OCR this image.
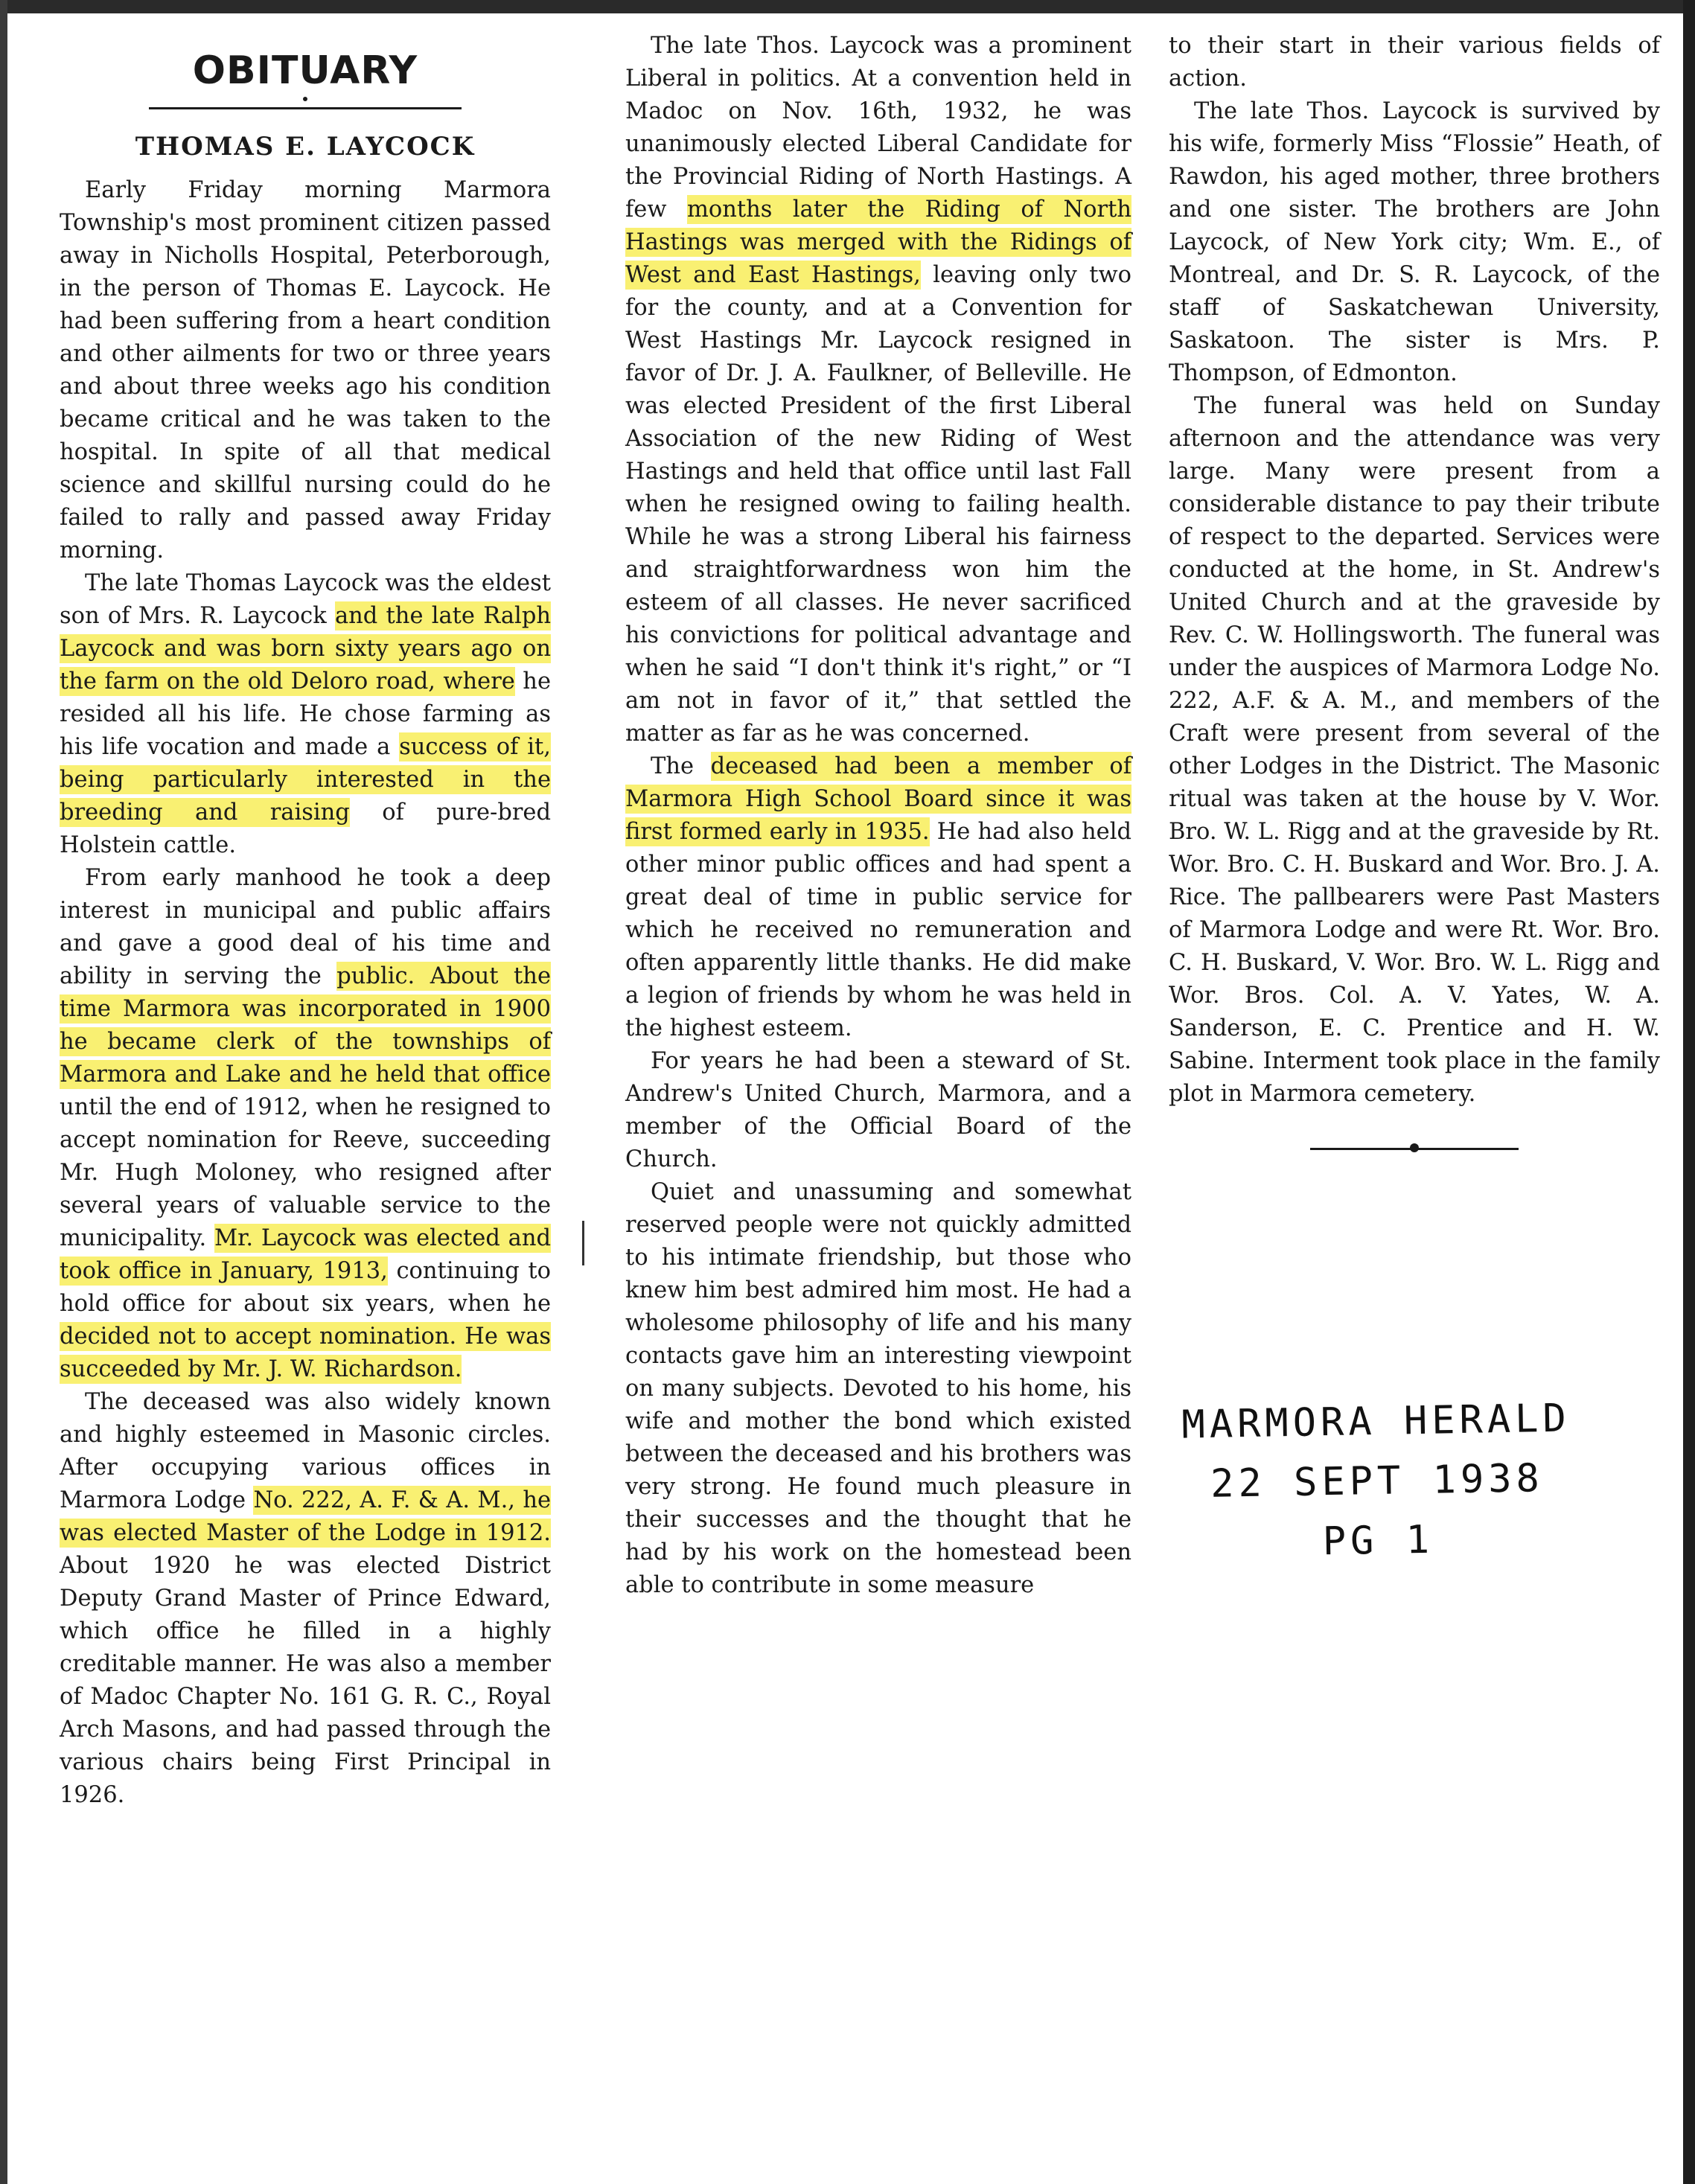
OBITUARY
THOMAS E. LAYCOCK

Early Friday morning Marmora Township's most prominent citizen passed away in Nicholls Hospital, Peterborough, in the person of Thomas E. Laycock. He had been suffering from a heart condition and other ailments for two or three years and about three weeks ago his condition became critical and he was taken to the hospital. In spite of all that medical science and skillful nursing could do he failed to rally and passed away Friday morning.

The late Thomas Laycock was the eldest son of Mrs. R. Laycock and the late Ralph Laycock and was born sixty years ago on the farm on the old Deloro road, where he resided all his life. He chose farming as his life vocation and made a success of it, being particularly interested in the breeding and raising of pure-bred Holstein cattle.

From early manhood he took a deep interest in municipal and public affairs and gave a good deal of his time and ability in serving the public. About the time Marmora was incorporated in 1900 he became clerk of the townships of Marmora and Lake and he held that office until the end of 1912, when he resigned to accept nomination for Reeve, succeeding Mr. Hugh Moloney, who resigned after several years of valuable service to the municipality. Mr. Laycock was elected and took office in January, 1913, continuing to hold office for about six years, when he decided not to accept nomination. He was succeeded by Mr. J. W. Richardson.

The deceased was also widely known and highly esteemed in Masonic circles. After occupying various offices in Marmora Lodge No. 222, A. F. & A. M., he was elected Master of the Lodge in 1912. About 1920 he was elected District Deputy Grand Master of Prince Edward, which office he filled in a highly creditable manner. He was also a member of Madoc Chapter No. 161 G. R. C., Royal Arch Masons, and had passed through the various chairs being First Principal in 1926.

The late Thos. Laycock was a prominent Liberal in politics. At a convention held in Madoc on Nov. 16th, 1932, he was unanimously elected Liberal Candidate for the Provincial Riding of North Hastings. A few months later the Riding of North Hastings was merged with the Ridings of West and East Hastings, leaving only two for the county, and at a Convention for West Hastings Mr. Laycock resigned in favor of Dr. J. A. Faulkner, of Belleville. He was elected President of the first Liberal Association of the new Riding of West Hastings and held that office until last Fall when he resigned owing to failing health. While he was a strong Liberal his fairness and straightforwardness won him the esteem of all classes. He never sacrificed his convictions for political advantage and when he said “I don't think it's right,” or “I am not in favor of it,” that settled the matter as far as he was concerned.

The deceased had been a member of Marmora High School Board since it was first formed early in 1935. He had also held other minor public offices and had spent a great deal of time in public service for which he received no remuneration and often apparently little thanks. He did make a legion of friends by whom he was held in the highest esteem.

For years he had been a steward of St. Andrew's United Church, Marmora, and a member of the Official Board of the Church.

Quiet and unassuming and somewhat reserved people were not quickly admitted to his intimate friendship, but those who knew him best admired him most. He had a wholesome philosophy of life and his many contacts gave him an interesting viewpoint on many subjects. Devoted to his home, his wife and mother the bond which existed between the deceased and his brothers was very strong. He found much pleasure in their successes and the thought that he had by his work on the homestead been able to contribute in some measure

to their start in their various fields of action.

The late Thos. Laycock is survived by his wife, formerly Miss “Flossie” Heath, of Rawdon, his aged mother, three brothers and one sister. The brothers are John Laycock, of New York city; Wm. E., of Montreal, and Dr. S. R. Laycock, of the staff of Saskatchewan University, Saskatoon. The sister is Mrs. P. Thompson, of Edmonton.

The funeral was held on Sunday afternoon and the attendance was very large. Many were present from a considerable distance to pay their tribute of respect to the departed. Services were conducted at the home, in St. Andrew's United Church and at the graveside by Rev. C. W. Hollingsworth. The funeral was under the auspices of Marmora Lodge No. 222, A.F. & A. M., and members of the Craft were present from several of the other Lodges in the District. The Masonic ritual was taken at the house by V. Wor. Bro. W. L. Rigg and at the graveside by Rt. Wor. Bro. C. H. Buskard and Wor. Bro. J. A. Rice. The pallbearers were Past Masters of Marmora Lodge and were Rt. Wor. Bro. C. H. Buskard, V. Wor. Bro. W. L. Rigg and Wor. Bros. Col. A. V. Yates, W. A. Sanderson, E. C. Prentice and H. W. Sabine. Interment took place in the family plot in Marmora cemetery.

MARMORA HERALD
22 SEPT 1938
PG 1
